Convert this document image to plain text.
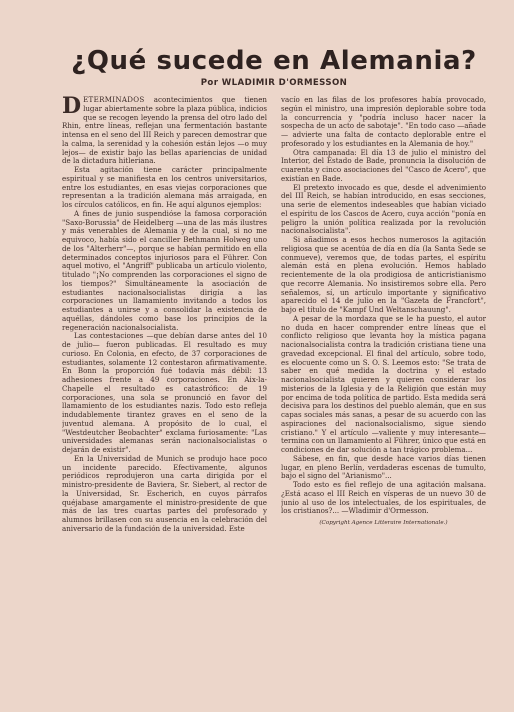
¿Qué sucede en Alemania?
Por WLADIMIR D'ORMESSON

DETERMINADOS acontecimientos que tienen lugar abiertamente sobre la plaza pública, indicios que se recogen leyendo la prensa del otro lado del Rhin, entre líneas, reflejan una fermentación bastante intensa en el seno del III Reich y parecen demostrar que la calma, la serenidad y la cohesión están lejos —o muy lejos— de existir bajo las bellas apariencias de unidad de la dictadura hitleriana.

Esta agitación tiene carácter principalmente espiritual y se manifiesta en los centros universitarios, entre los estudiantes, en esas viejas corporaciones que representan a la tradición alemana más arraigada, en los círculos católicos, en fin. He aquí algunos ejemplos:

A fines de junio suspendióse la famosa corporación "Saxo-Borussia" de Heidelberg —una de las más ilustres y más venerables de Alemania y de la cual, si no me equivoco, había sido el canciller Bethmann Holweg uno de los "Alterherr"—, porque se habían permitido en ella determinados conceptos injuriosos para el Führer. Con aquel motivo, el "Angriff" publicaba un artículo violento, titulado "¡No comprenden las corporaciones el signo de los tiempos?" Simultáneamente la asociación de estudiantes nacionalsocialistas dirigía a las corporaciones un llamamiento invitando a todos los estudiantes a unirse y a consolidar la existencia de aquéllas, dándoles como base los principios de la regeneración nacionalsocialista.

Las contestaciones —que debían darse antes del 10 de julio— fueron publicadas. El resultado es muy curioso. En Colonia, en efecto, de 37 corporaciones de estudiantes, solamente 12 contestaron afirmativamente. En Bonn la proporción fué todavía más débil: 13 adhesiones frente a 49 corporaciones. En Aix-la-Chapelle el resultado es catastrófico: de 19 corporaciones, una sola se pronunció en favor del llamamiento de los estudiantes nazis. Todo esto refleja indudablemente tirantez graves en el seno de la juventud alemana. A propósito de lo cual, el "Westdeutcher Beobachter" exclama furiosamente: "Las universidades alemanas serán nacionalsocialistas o dejarán de existir".

En la Universidad de Munich se produjo hace poco un incidente parecido. Efectivamente, algunos periódicos reprodujeron una carta dirigida por el ministro-presidente de Baviera, Sr. Siebert, al rector de la Universidad, Sr. Escherich, en cuyos párrafos quéjabase amargamente el ministro-presidente de que más de las tres cuartas partes del profesorado y alumnos brillasen con su ausencia en la celebración del aniversario de la fundación de la universidad. Este

vacío en las filas de los profesores había provocado, según el ministro, una impresión deplorable sobre toda la concurrencia y "podría incluso hacer nacer la sospecha de un acto de sabotaje". "En todo caso —añade— advierte una falta de contacto deplorable entre el profesorado y los estudiantes en la Alemania de hoy."

Otra campanada: El día 13 de julio el ministro del Interior, del Estado de Bade, pronuncia la disolución de cuarenta y cinco asociaciones del "Casco de Acero", que existían en Bade.

El pretexto invocado es que, desde el advenimiento del III Reich, se habían introducido, en esas secciones, una serie de elementos indeseables que habían viciado el espíritu de los Cascos de Acero, cuya acción "ponía en peligro la unión política realizada por la revolución nacionalsocialista".

Si añadimos a esos hechos numerosos la agitación religiosa que se acentúa de día en día (la Santa Sede se conmueve), veremos que, de todas partes, el espíritu alemán está en plena evolución. Hemos hablado recientemente de la ola prodigiosa de anticristianismo que recorre Alemania. No insistiremos sobre ella. Pero señalemos, sí, un artículo importante y significativo aparecido el 14 de julio en la "Gazeta de Francfort", bajo el título de "Kampf Und Weltanschauung".

A pesar de la mordaza que se le ha puesto, el autor no duda en hacer comprender entre líneas que el conflicto religioso que levanta hoy la mística pagana nacionalsocialista contra la tradición cristiana tiene una gravedad excepcional. El final del artículo, sobre todo, es elocuente como un S. O. S. Leemos esto: "Se trata de saber en qué medida la doctrina y el estado nacionalsocialista quieren y quieren considerar los misterios de la Iglesia y de la Religión que están muy por encima de toda política de partido. Esta medida será decisiva para los destinos del pueblo alemán, que en sus capas sociales más sanas, a pesar de su acuerdo con las aspiraciones del nacionalsocialismo, sigue siendo cristiano." Y el artículo —valiente y muy interesante— termina con un llamamiento al Führer, único que está en condiciones de dar solución a tan trágico problema...

Sábese, en fin, que desde hace varios días tienen lugar, en pleno Berlín, verdaderas escenas de tumulto, bajo el signo del "Arianismo"...

Todo esto es fiel reflejo de una agitación malsana. ¿Está acaso el III Reich en vísperas de un nuevo 30 de junio al uso de los intelectuales, de los espirituales, de los cristianos?... —Wladimir d'Ormesson.

(Copyright Agence Litteraire Internationale.)
